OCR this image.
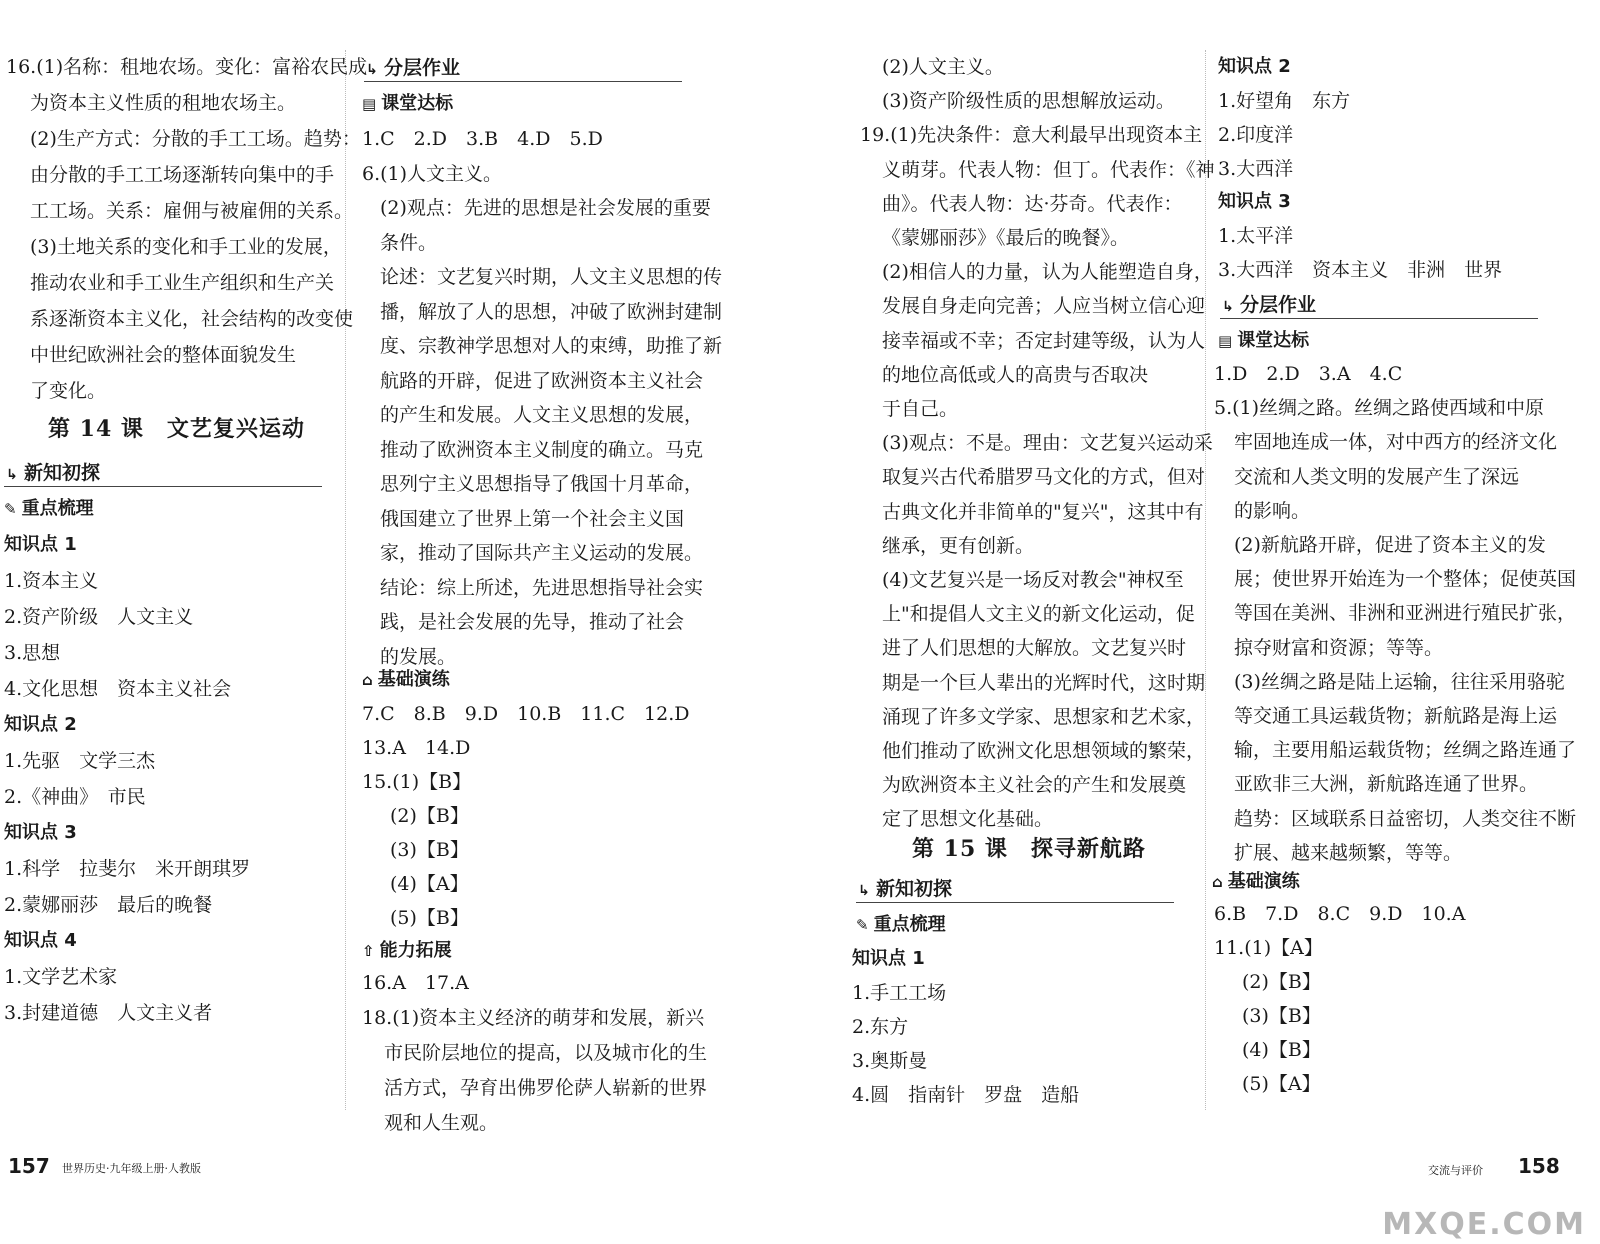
16.(1)名称：租地农场。变化：富裕农民成
为资本主义性质的租地农场主。
(2)生产方式：分散的手工工场。趋势：
由分散的手工工场逐渐转向集中的手
工工场。关系：雇佣与被雇佣的关系。
(3)土地关系的变化和手工业的发展，
推动农业和手工业生产组织和生产关
系逐渐资本主义化，社会结构的改变使
中世纪欧洲社会的整体面貌发生
了变化。
第 14 课　文艺复兴运动
↳ 新知初探
✎ 重点梳理
知识点 1
1.资本主义
2.资产阶级　人文主义
3.思想
4.文化思想　资本主义社会
知识点 2
1.先驱　文学三杰
2.《神曲》　市民
知识点 3
1.科学　拉斐尔　米开朗琪罗
2.蒙娜丽莎　最后的晚餐
知识点 4
1.文学艺术家
3.封建道德　人文主义者
↳ 分层作业
▤ 课堂达标
1.C　2.D　3.B　4.D　5.D
6.(1)人文主义。
(2)观点：先进的思想是社会发展的重要
条件。
论述：文艺复兴时期，人文主义思想的传
播，解放了人的思想，冲破了欧洲封建制
度、宗教神学思想对人的束缚，助推了新
航路的开辟，促进了欧洲资本主义社会
的产生和发展。人文主义思想的发展，
推动了欧洲资本主义制度的确立。马克
思列宁主义思想指导了俄国十月革命，
俄国建立了世界上第一个社会主义国
家，推动了国际共产主义运动的发展。
结论：综上所述，先进思想指导社会实
践，是社会发展的先导，推动了社会
的发展。
⌂ 基础演练
7.C　8.B　9.D　10.B　11.C　12.D
13.A　14.D
15.(1)【B】
(2)【B】
(3)【B】
(4)【A】
(5)【B】
⇧ 能力拓展
16.A　17.A
18.(1)资本主义经济的萌芽和发展，新兴
市民阶层地位的提高，以及城市化的生
活方式，孕育出佛罗伦萨人崭新的世界
观和人生观。
(2)人文主义。
(3)资产阶级性质的思想解放运动。
19.(1)先决条件：意大利最早出现资本主
义萌芽。代表人物：但丁。代表作：《神
曲》。代表人物：达·芬奇。代表作：
《蒙娜丽莎》《最后的晚餐》。
(2)相信人的力量，认为人能塑造自身，
发展自身走向完善；人应当树立信心迎
接幸福或不幸；否定封建等级，认为人
的地位高低或人的高贵与否取决
于自己。
(3)观点：不是。理由：文艺复兴运动采
取复兴古代希腊罗马文化的方式，但对
古典文化并非简单的"复兴"，这其中有
继承，更有创新。
(4)文艺复兴是一场反对教会"神权至
上"和提倡人文主义的新文化运动，促
进了人们思想的大解放。文艺复兴时
期是一个巨人辈出的光辉时代，这时期
涌现了许多文学家、思想家和艺术家，
他们推动了欧洲文化思想领域的繁荣，
为欧洲资本主义社会的产生和发展奠
定了思想文化基础。
第 15 课　探寻新航路
↳ 新知初探
✎ 重点梳理
知识点 1
1.手工工场
2.东方
3.奥斯曼
4.圆　指南针　罗盘　造船
知识点 2
1.好望角　东方
2.印度洋
3.大西洋
知识点 3
1.太平洋
3.大西洋　资本主义　非洲　世界
↳ 分层作业
▤ 课堂达标
1.D　2.D　3.A　4.C
5.(1)丝绸之路。丝绸之路使西域和中原
牢固地连成一体，对中西方的经济文化
交流和人类文明的发展产生了深远
的影响。
(2)新航路开辟，促进了资本主义的发
展；使世界开始连为一个整体；促使英国
等国在美洲、非洲和亚洲进行殖民扩张，
掠夺财富和资源；等等。
(3)丝绸之路是陆上运输，往往采用骆驼
等交通工具运载货物；新航路是海上运
输，主要用船运载货物；丝绸之路连通了
亚欧非三大洲，新航路连通了世界。
趋势：区域联系日益密切，人类交往不断
扩展、越来越频繁，等等。
⌂ 基础演练
6.B　7.D　8.C　9.D　10.A
11.(1)【A】
(2)【B】
(3)【B】
(4)【B】
(5)【A】
157 世界历史·九年级上册·人教版	交流与评价 158
MXQE.COM
